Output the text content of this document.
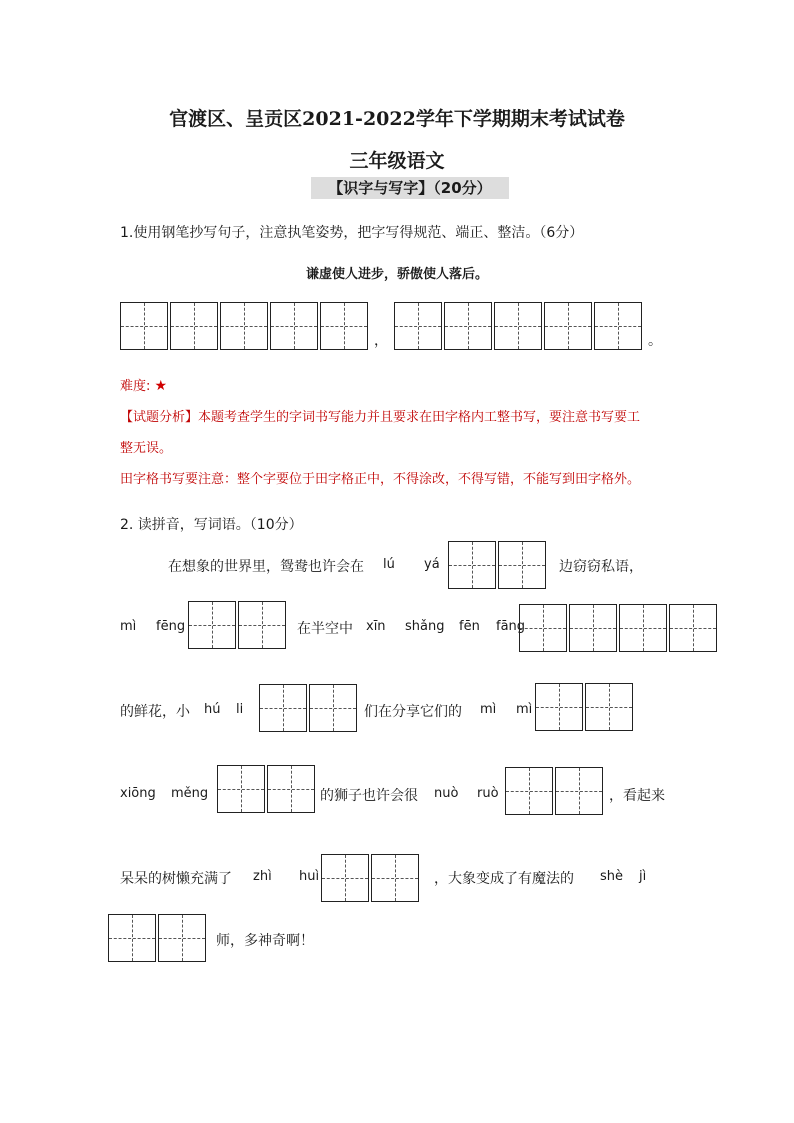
官渡区、呈贡区2021-2022学年下学期期末考试试卷
三年级语文
【识字与写字】（20分）
1.使用钢笔抄写句子，注意执笔姿势，把字写得规范、端正、整洁。（6分）
谦虚使人进步，骄傲使人落后。
，	。
难度: ★
【试题分析】本题考查学生的字词书写能力并且要求在田字格内工整书写，要注意书写要工
整无误。
田字格书写要注意：整个字要位于田字格正中，不得涂改，不得写错，不能写到田字格外。
2. 读拼音，写词语。（10分）
在想象的世界里，鸳鸯也许会在 lú yá	边窃窃私语，
mì fēng	在半空中 xīn shǎng fēn fāng
的鲜花，小 hú li	们在分享它们的 mì mì
xiōng měng	的狮子也许会很 nuò ruò	，看起来
呆呆的树懒充满了 zhì huì	，大象变成了有魔法的 shè jì
师，多神奇啊！
